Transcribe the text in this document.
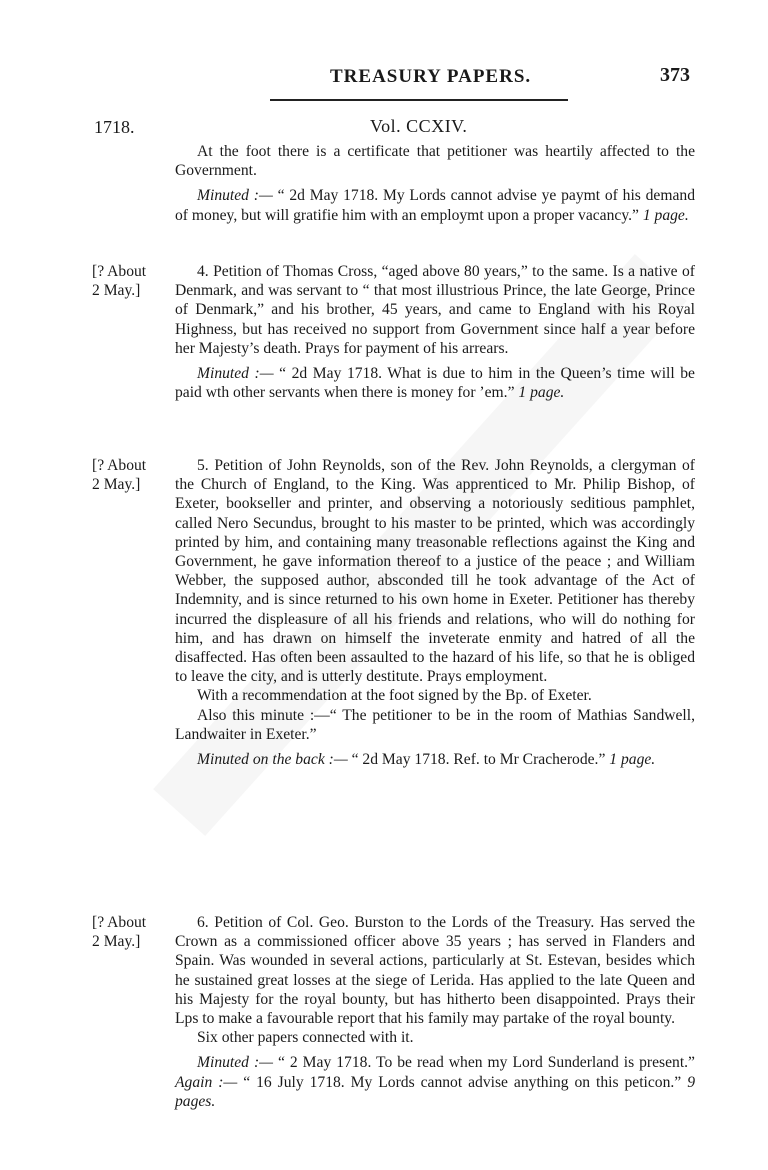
TREASURY PAPERS.	373
1718.	Vol. CCXIV.

At the foot there is a certificate that petitioner was heartily affected to the Government.

Minuted :— “ 2d May 1718. My Lords cannot advise ye paymt of his demand of money, but will gratifie him with an employmt upon a proper vacancy.” 1 page.

[? About
2 May.]

4. Petition of Thomas Cross, “aged above 80 years,” to the same. Is a native of Denmark, and was servant to “ that most illustrious Prince, the late George, Prince of Denmark,” and his brother, 45 years, and came to England with his Royal Highness, but has received no support from Government since half a year before her Majesty’s death. Prays for payment of his arrears.

Minuted :— “ 2d May 1718. What is due to him in the Queen’s time will be paid wth other servants when there is money for ’em.” 1 page.

[? About
2 May.]

5. Petition of John Reynolds, son of the Rev. John Reynolds, a clergyman of the Church of England, to the King. Was apprenticed to Mr. Philip Bishop, of Exeter, bookseller and printer, and observing a notoriously seditious pamphlet, called Nero Secundus, brought to his master to be printed, which was accordingly printed by him, and containing many treasonable reflections against the King and Government, he gave information thereof to a justice of the peace ; and William Webber, the supposed author, absconded till he took advantage of the Act of Indemnity, and is since returned to his own home in Exeter. Petitioner has thereby incurred the displeasure of all his friends and relations, who will do nothing for him, and has drawn on himself the inveterate enmity and hatred of all the disaffected. Has often been assaulted to the hazard of his life, so that he is obliged to leave the city, and is utterly destitute. Prays employment.

With a recommendation at the foot signed by the Bp. of Exeter.

Also this minute :—“ The petitioner to be in the room of Mathias Sandwell, Landwaiter in Exeter.”

Minuted on the back :— “ 2d May 1718. Ref. to Mr Cracherode.” 1 page.

[? About
2 May.]

6. Petition of Col. Geo. Burston to the Lords of the Treasury. Has served the Crown as a commissioned officer above 35 years ; has served in Flanders and Spain. Was wounded in several actions, particularly at St. Estevan, besides which he sustained great losses at the siege of Lerida. Has applied to the late Queen and his Majesty for the royal bounty, but has hitherto been disappointed. Prays their Lps to make a favourable report that his family may partake of the royal bounty.

Six other papers connected with it.

Minuted :— “ 2 May 1718. To be read when my Lord Sunderland is present.” Again :— “ 16 July 1718. My Lords cannot advise anything on this peticon.” 9 pages.
